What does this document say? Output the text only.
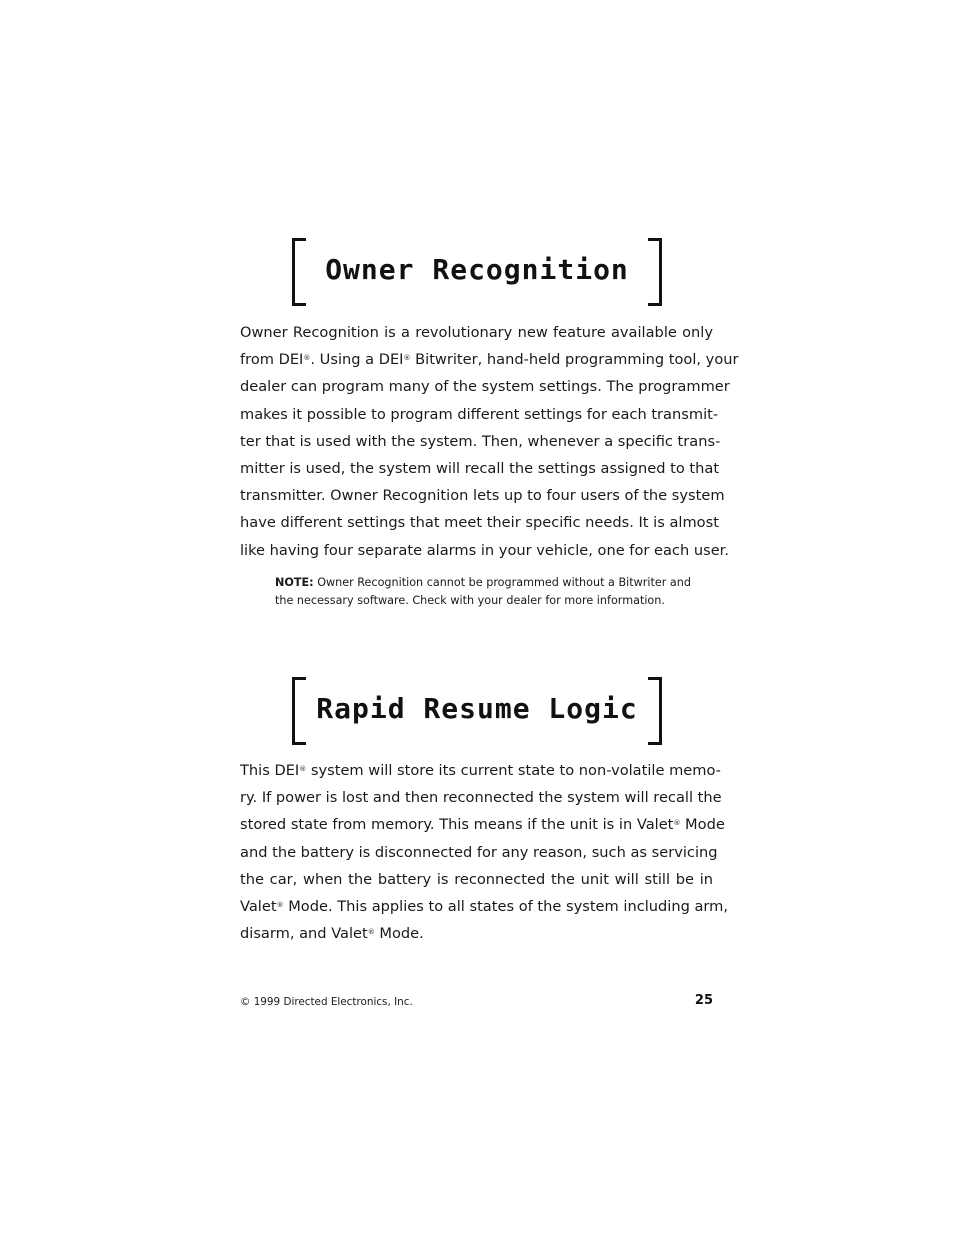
Owner Recognition
Owner Recognition is a revolutionary new feature available only
from DEI®. Using a DEI® Bitwriter, hand-held programming tool, your
dealer can program many of the system settings. The programmer
makes it possible to program different settings for each transmit-
ter that is used with the system. Then, whenever a specific trans-
mitter is used, the system will recall the settings assigned to that
transmitter. Owner Recognition lets up to four users of the system
have different settings that meet their specific needs. It is almost
like having four separate alarms in your vehicle, one for each user.
NOTE: Owner Recognition cannot be programmed without a Bitwriter and
the necessary software. Check with your dealer for more information.
Rapid Resume Logic
This DEI® system will store its current state to non-volatile memo-
ry. If power is lost and then reconnected the system will recall the
stored state from memory. This means if the unit is in Valet® Mode
and the battery is disconnected for any reason, such as servicing
the car, when the battery is reconnected the unit will still be in
Valet® Mode. This applies to all states of the system including arm,
disarm, and Valet® Mode.
© 1999 Directed Electronics, Inc.	25
